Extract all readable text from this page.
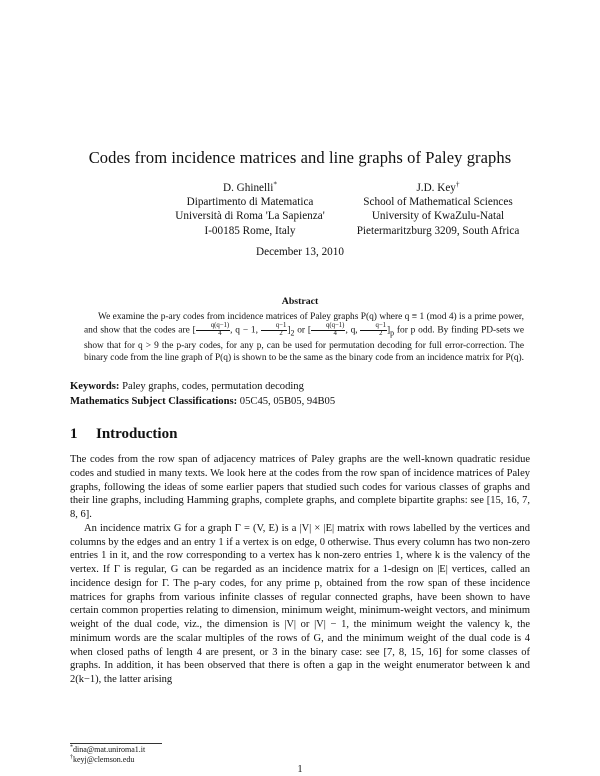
Codes from incidence matrices and line graphs of Paley graphs
D. Ghinelli*
Dipartimento di Matematica
Università di Roma 'La Sapienza'
I-00185 Rome, Italy
J.D. Key†
School of Mathematical Sciences
University of KwaZulu-Natal
Pietermaritzburg 3209, South Africa
December 13, 2010
Abstract

We examine the p-ary codes from incidence matrices of Paley graphs P(q) where q ≡ 1 (mod 4) is a prime power, and show that the codes are [ $\frac{q(q-1)}{4}$ , q − 1, $\frac{q-1}{2} ]_2$ or [ $\frac{q(q-1)}{4}$ , q, $\frac{q-1}{2} ]_p$ for p odd. By finding PD-sets we show that for q > 9 the p-ary codes, for any p, can be used for permutation decoding for full error-correction. The binary code from the line graph of P(q) is shown to be the same as the binary code from an incidence matrix for P(q).

Keywords: Paley graphs, codes, permutation decoding
Mathematics Subject Classifications: 05C45, 05B05, 94B05
1 Introduction

The codes from the row span of adjacency matrices of Paley graphs are the well-known quadratic residue codes and studied in many texts. We look here at the codes from the row span of incidence matrices of Paley graphs, following the ideas of some earlier papers that studied such codes for various classes of graphs and their line graphs, including Hamming graphs, complete graphs, and complete bipartite graphs: see [15, 16, 7, 8, 6].

An incidence matrix G for a graph Γ = (V, E) is a |V| × |E| matrix with rows labelled by the vertices and columns by the edges and an entry 1 if a vertex is on edge, 0 otherwise. Thus every column has two non-zero entries 1 in it, and the row corresponding to a vertex has k non-zero entries 1, where k is the valency of the vertex. If Γ is regular, G can be regarded as an incidence matrix for a 1-design on |E| vertices, called an incidence design for Γ. The p-ary codes, for any prime p, obtained from the row span of these incidence matrices for graphs from various infinite classes of regular connected graphs, have been shown to have certain common properties relating to dimension, minimum weight, minimum-weight vectors, and minimum weight of the dual code, viz., the dimension is |V| or |V| − 1, the minimum weight the valency k, the minimum words are the scalar multiples of the rows of G, and the minimum weight of the dual code is 4 when closed paths of length 4 are present, or 3 in the binary case: see [7, 8, 15, 16] for some classes of graphs. In addition, it has been observed that there is often a gap in the weight enumerator between k and 2(k−1), the latter arising

*dina@mat.uniroma1.it
†keyj@clemson.edu
1
